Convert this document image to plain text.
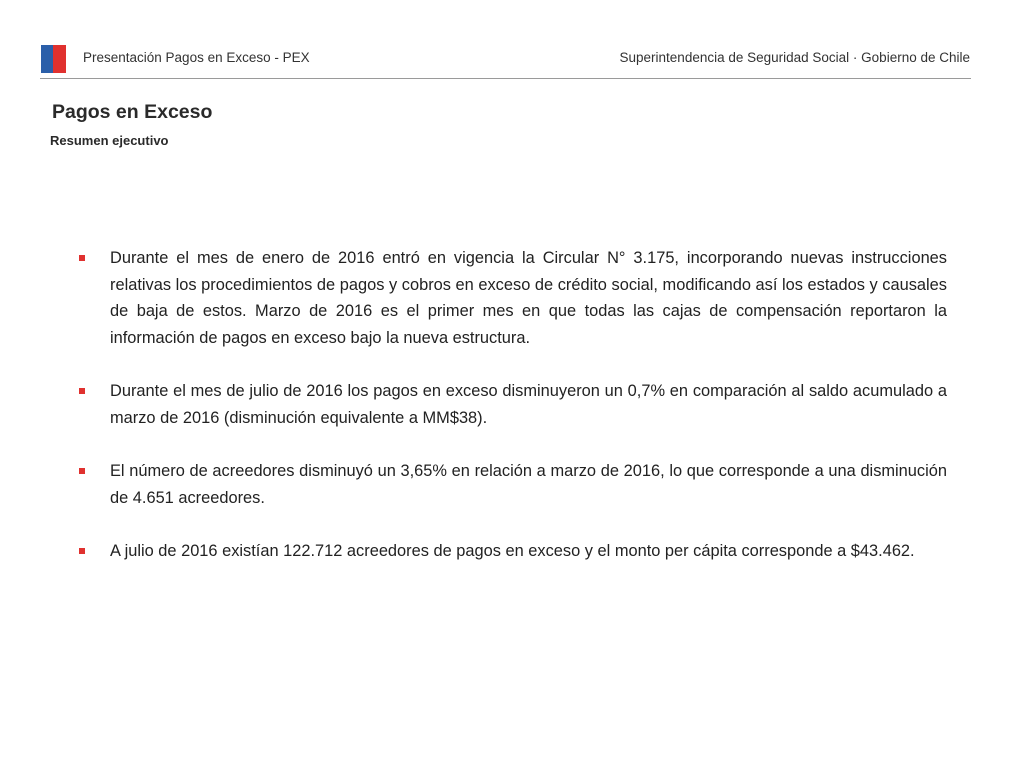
Presentación Pagos en Exceso - PEX	Superintendencia de Seguridad Social · Gobierno de Chile
Pagos en Exceso
Resumen ejecutivo
Durante el mes de enero de 2016 entró en vigencia la Circular N° 3.175, incorporando nuevas instrucciones relativas los procedimientos de pagos y cobros en exceso de crédito social, modificando así los estados y causales de baja de estos. Marzo de 2016 es el primer mes en que todas las cajas de compensación reportaron la información de pagos en exceso bajo la nueva estructura.
Durante el mes de julio de 2016 los pagos en exceso disminuyeron un 0,7% en comparación al saldo acumulado a marzo de 2016 (disminución equivalente a MM$38).
El número de acreedores disminuyó un 3,65% en relación a marzo de 2016, lo que corresponde a una disminución de 4.651 acreedores.
A julio de 2016 existían 122.712 acreedores de pagos en exceso y el monto per cápita corresponde a $43.462.
